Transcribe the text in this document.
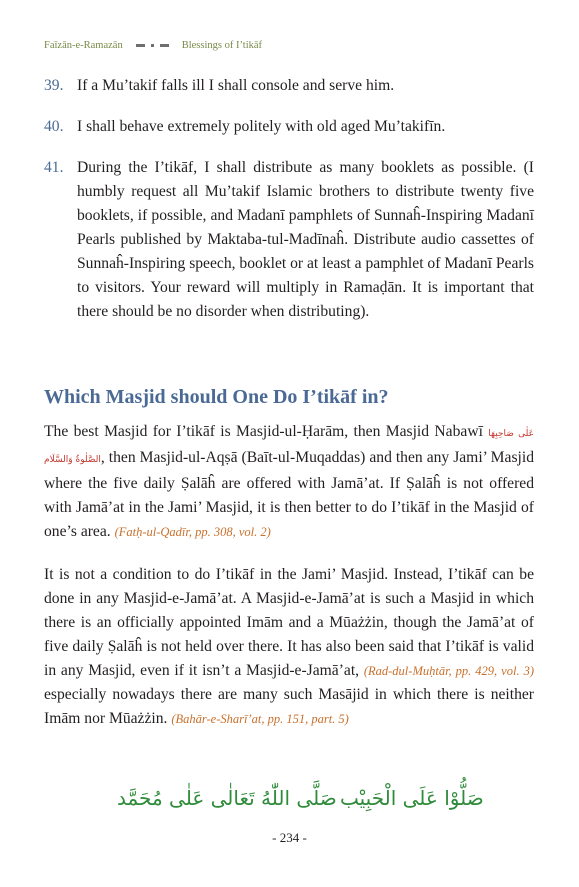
Faīzān-e-Ramazān	Blessings of I’tikāf
39. If a Mu’takif falls ill I shall console and serve him.
40. I shall behave extremely politely with old aged Mu’takifīn.
41. During the I’tikāf, I shall distribute as many booklets as possible. (I humbly request all Mu’takif Islamic brothers to distribute twenty five booklets, if possible, and Madanī pamphlets of Sunnaĥ-Inspiring Madanī Pearls published by Maktaba-tul-Madīnaĥ. Distribute audio cassettes of Sunnaĥ-Inspiring speech, booklet or at least a pamphlet of Madanī Pearls to visitors. Your reward will multiply in Ramaḍān. It is important that there should be no disorder when distributing).
Which Masjid should One Do I’tikāf in?

The best Masjid for I’tikāf is Masjid-ul-Ḥarām, then Masjid Nabawī عَلٰی صَاحِبِهَا الصَّلٰوةُ وَالسَّلَام, then Masjid-ul-Aqṣā (Baīt-ul-Muqaddas) and then any Jami’ Masjid where the five daily Ṣalāĥ are offered with Jamā’at. If Ṣalāĥ is not offered with Jamā’at in the Jami’ Masjid, it is then better to do I’tikāf in the Masjid of one’s area. (Fatḥ-ul-Qadīr, pp. 308, vol. 2)

It is not a condition to do I’tikāf in the Jami’ Masjid. Instead, I’tikāf can be done in any Masjid-e-Jamā’at. A Masjid-e-Jamā’at is such a Masjid in which there is an officially appointed Imām and a Mūażżin, though the Jamā’at of five daily Ṣalāĥ is not held over there. It has also been said that I’tikāf is valid in any Masjid, even if it isn’t a Masjid-e-Jamā’at, (Rad-dul-Muḥtār, pp. 429, vol. 3) especially nowadays there are many such Masājid in which there is neither Imām nor Mūażżin. (Bahār-e-Sharī’at, pp. 151, part. 5)

صَلُّوْا عَلَى الْحَبِيْب
صَلَّى اللّٰهُ تَعَالٰى عَلٰى مُحَمَّد
- 234 -
